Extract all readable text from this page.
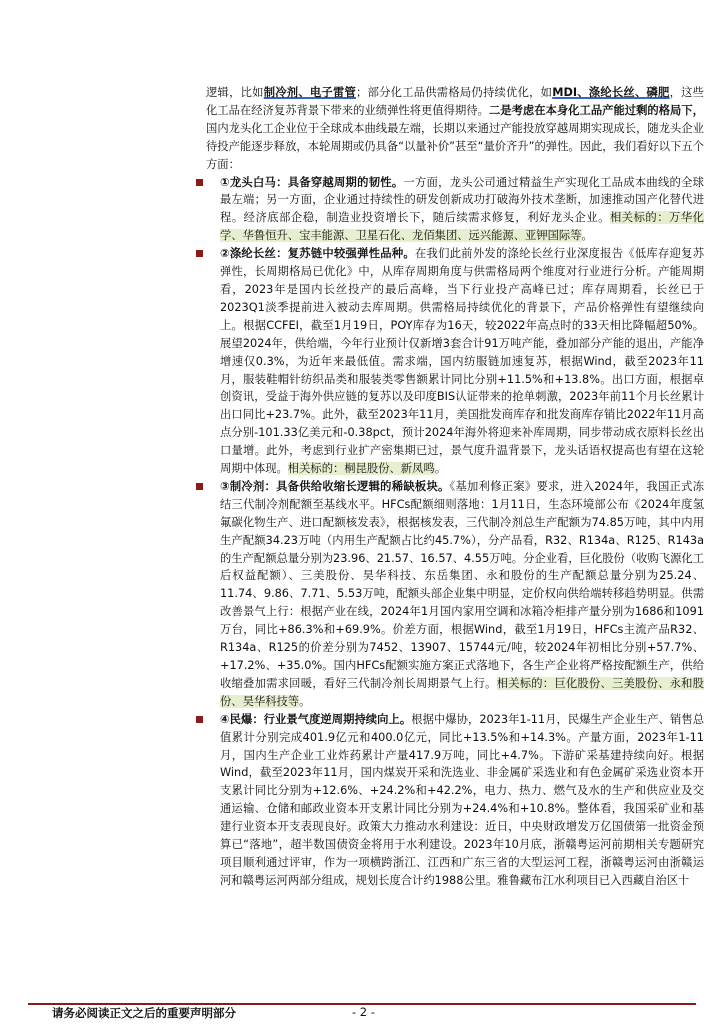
逻辑，比如制冷剂、电子雷管；部分化工品供需格局仍持续优化，如MDI、涤纶长丝、磷肥，这些化工品在经济复苏背景下带来的业绩弹性将更值得期待。二是考虑在本身化工品产能过剩的格局下，国内龙头化工企业位于全球成本曲线最左端，长期以来通过产能投放穿越周期实现成长，随龙头企业待投产能逐步释放，本轮周期或仍具备“以量补价”甚至“量价齐升”的弹性。因此，我们看好以下五个方面：

①龙头白马：具备穿越周期的韧性。一方面，龙头公司通过精益生产实现化工品成本曲线的全球最左端；另一方面，企业通过持续性的研发创新成功打破海外技术垄断，加速推动国产化替代进程。经济底部企稳，制造业投资增长下，随后续需求修复，利好龙头企业。相关标的：万华化学、华鲁恒升、宝丰能源、卫星石化、龙佰集团、远兴能源、亚钾国际等。

②涤纶长丝：复苏链中较强弹性品种。在我们此前外发的涤纶长丝行业深度报告《低库存迎复苏弹性，长周期格局已优化》中，从库存周期角度与供需格局两个维度对行业进行分析。产能周期看，2023年是国内长丝投产的最后高峰，当下行业投产高峰已过；库存周期看，长丝已于2023Q1淡季提前进入被动去库周期。供需格局持续优化的背景下，产品价格弹性有望继续向上。根据CCFEI，截至1月19日，POY库存为16天，较2022年高点时的33天相比降幅超50%。展望2024年，供给端，今年行业预计仅新增3套合计91万吨产能，叠加部分产能的退出，产能净增速仅0.3%，为近年来最低值。需求端，国内纺服链加速复苏，根据Wind，截至2023年11月，服装鞋帽针纺织品类和服装类零售额累计同比分别+11.5%和+13.8%。出口方面，根据卓创资讯，受益于海外供应链的复苏以及印度BIS认证带来的抢单刺激，2023年前11个月长丝累计出口同比+23.7%。此外，截至2023年11月，美国批发商库存和批发商库存销比2022年11月高点分别-101.33亿美元和-0.38pct，预计2024年海外将迎来补库周期，同步带动成衣原料长丝出口量增。此外，考虑到行业扩产密集期已过，景气度升温背景下，龙头话语权提高也有望在这轮周期中体现。相关标的：桐昆股份、新凤鸣。

③制冷剂：具备供给收缩长逻辑的稀缺板块。《基加利修正案》要求，进入2024年，我国正式冻结三代制冷剂配额至基线水平。HFCs配额细则落地：1月11日，生态环境部公布《2024年度氢氟碳化物生产、进口配额核发表》，根据核发表，三代制冷剂总生产配额为74.85万吨，其中内用生产配额34.23万吨（内用生产配额占比约45.7%），分产品看，R32、R134a、R125、R143a的生产配额总量分别为23.96、21.57、16.57、4.55万吨。分企业看，巨化股份（收购飞源化工后权益配额）、三美股份、昊华科技、东岳集团、永和股份的生产配额总量分别为25.24、11.74、9.86、7.71、5.53万吨，配额头部企业集中明显，定价权向供给端转移趋势明显。供需改善景气上行：根据产业在线，2024年1月国内家用空调和冰箱冷柜排产量分别为1686和1091万台，同比+86.3%和+69.9%。价差方面，根据Wind，截至1月19日，HFCs主流产品R32、R134a、R125的价差分别为7452、13907、15744元/吨，较2024年初相比分别+57.7%、+17.2%、+35.0%。国内HFCs配额实施方案正式落地下，各生产企业将严格按配额生产，供给收缩叠加需求回暖，看好三代制冷剂长周期景气上行。相关标的：巨化股份、三美股份、永和股份、昊华科技等。

④民爆：行业景气度逆周期持续向上。根据中爆协，2023年1-11月，民爆生产企业生产、销售总值累计分别完成401.9亿元和400.0亿元，同比+13.5%和+14.3%。产量方面，2023年1-11月，国内生产企业工业炸药累计产量417.9万吨，同比+4.7%。下游矿采基建持续向好。根据Wind，截至2023年11月，国内煤炭开采和洗选业、非金属矿采选业和有色金属矿采选业资本开支累计同比分别为+12.6%、+24.2%和+42.2%，电力、热力、燃气及水的生产和供应业及交通运输、仓储和邮政业资本开支累计同比分别为+24.4%和+10.8%。整体看，我国采矿业和基建行业资本开支表现良好。政策大力推动水利建设：近日，中央财政增发万亿国债第一批资金预算已“落地”，超半数国债资金将用于水利建设。2023年10月底，浙赣粤运河前期相关专题研究项目顺利通过评审，作为一项横跨浙江、江西和广东三省的大型运河工程，浙赣粤运河由浙赣运河和赣粤运河两部分组成，规划长度合计约1988公里。雅鲁藏布江水利项目已入西藏自治区十

请务必阅读正文之后的重要声明部分	- 2 -
